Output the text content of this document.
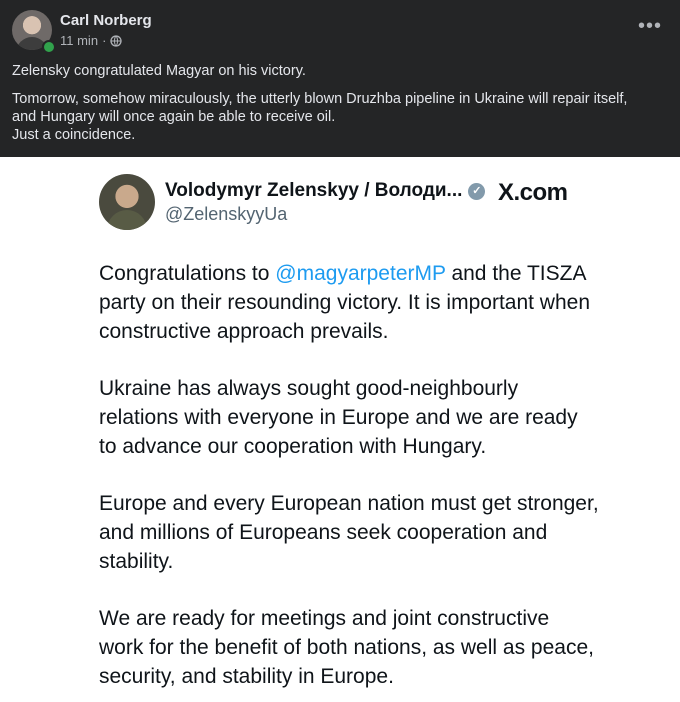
Carl Norberg
11 min ·
•••

Zelensky congratulated Magyar on his victory.

Tomorrow, somehow miraculously, the utterly blown Druzhba pipeline in Ukraine will repair itself,

and Hungary will once again be able to receive oil.

Just a coincidence.

Volodymyr Zelenskyy / Володи... ✓
@ZelenskyyUa
X.com

Congratulations to @magyarpeterMP and the TISZA party on their resounding victory. It is important when constructive approach prevails.

Ukraine has always sought good-neighbourly relations with everyone in Europe and we are ready to advance our cooperation with Hungary.

Europe and every European nation must get stronger, and millions of Europeans seek cooperation and stability.

We are ready for meetings and joint constructive work for the benefit of both nations, as well as peace, security, and stability in Europe.
